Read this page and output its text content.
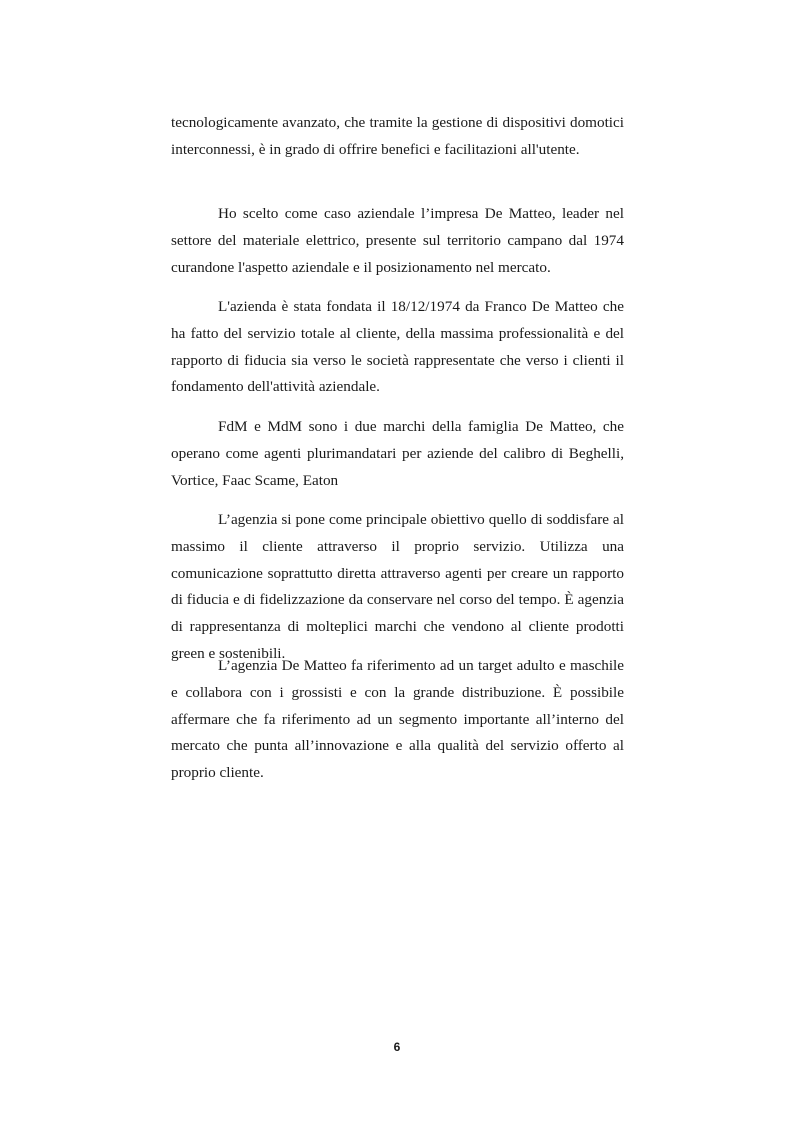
tecnologicamente avanzato, che tramite la gestione di dispositivi domotici interconnessi, è in grado di offrire benefici e facilitazioni all'utente.

Ho scelto come caso aziendale l’impresa De Matteo, leader nel settore del materiale elettrico, presente sul territorio campano dal 1974 curandone l'aspetto aziendale e il posizionamento nel mercato.

L'azienda è stata fondata il 18/12/1974 da Franco De Matteo che ha fatto del servizio totale al cliente, della massima professionalità e del rapporto di fiducia sia verso le società rappresentate che verso i clienti il fondamento dell'attività aziendale.

FdM e MdM sono i due marchi della famiglia De Matteo, che operano come agenti plurimandatari per aziende del calibro di Beghelli, Vortice, Faac Scame, Eaton

L’agenzia si pone come principale obiettivo quello di soddisfare al massimo il cliente attraverso il proprio servizio. Utilizza una comunicazione soprattutto diretta attraverso agenti per creare un rapporto di fiducia e di fidelizzazione da conservare nel corso del tempo. È agenzia di rappresentanza di molteplici marchi che vendono al cliente prodotti green e sostenibili.

L’agenzia De Matteo fa riferimento ad un target adulto e maschile e collabora con i grossisti e con la grande distribuzione. È possibile affermare che fa riferimento ad un segmento importante all’interno del mercato che punta all’innovazione e alla qualità del servizio offerto al proprio cliente.

6
